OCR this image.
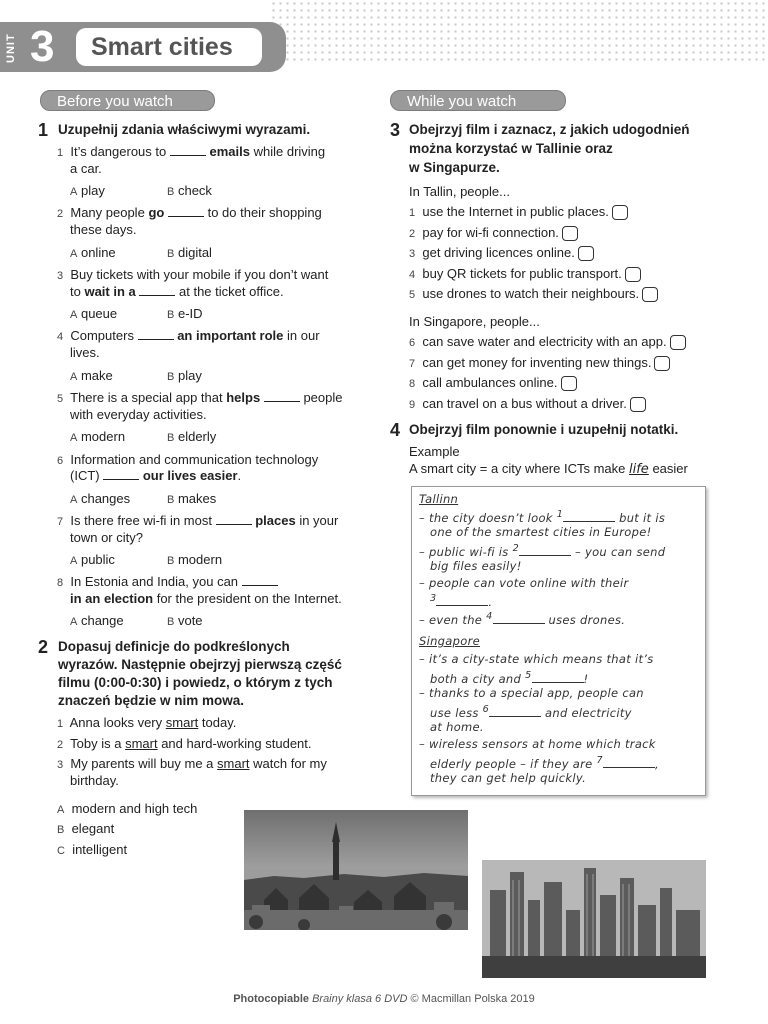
UNIT 3	Smart cities
Before you watch	While you watch
1 Uzupełnij zdania właściwymi wyrazami.
1 It’s dangerous to	emails while driving
a car.
A play	B check
2 Many people go	to do their shopping
these days.
A online	B digital
3 Buy tickets with your mobile if you don’t want
to wait in a	at the ticket office.
A queue	B e-ID
4 Computers	an important role in our
lives.
A make	B play
5 There is a special app that helps	people
with everyday activities.
A modern	B elderly
6 Information and communication technology
(ICT)	our lives easier.
A changes	B makes
7 Is there free wi-fi in most	places in your
town or city?
A public	B modern
8 In Estonia and India, you can
in an election for the president on the Internet.
A change	B vote
2 Dopasuj definicje do podkreślonych
wyrazów. Następnie obejrzyj pierwszą część
filmu (0:00-0:30) i powiedz, o którym z tych
znaczeń będzie w nim mowa.
1 Anna looks very smart today.
2 Toby is a smart and hard-working student.
3 My parents will buy me a smart watch for my
birthday.
A modern and high tech
B elegant
C intelligent
3 Obejrzyj film i zaznacz, z jakich udogodnień
można korzystać w Tallinie oraz
w Singapurze.
In Tallin, people...
1 use the Internet in public places.
2 pay for wi-fi connection.
3 get driving licences online.
4 buy QR tickets for public transport.
5 use drones to watch their neighbours.
In Singapore, people...
6 can save water and electricity with an app.
7 can get money for inventing new things.
8 call ambulances online.
9 can travel on a bus without a driver.
4 Obejrzyj film ponownie i uzupełnij notatki.
Example
A smart city = a city where ICTs make life easier
Tallinn
– the city doesn’t look $^1$	but it is
one of the smartest cities in Europe!
– public wi-fi is $^2$	– you can send
big files easily!
– people can vote online with their
$^3$	.
– even the $^4$	uses drones.
Singapore
– it’s a city-state which means that it’s
both a city and $^5$	!
– thanks to a special app, people can
use less $^6$	and electricity
at home.
– wireless sensors at home which track
elderly people – if they are $^7$	,
they can get help quickly.
Photocopiable Brainy klasa 6 DVD © Macmillan Polska 2019
